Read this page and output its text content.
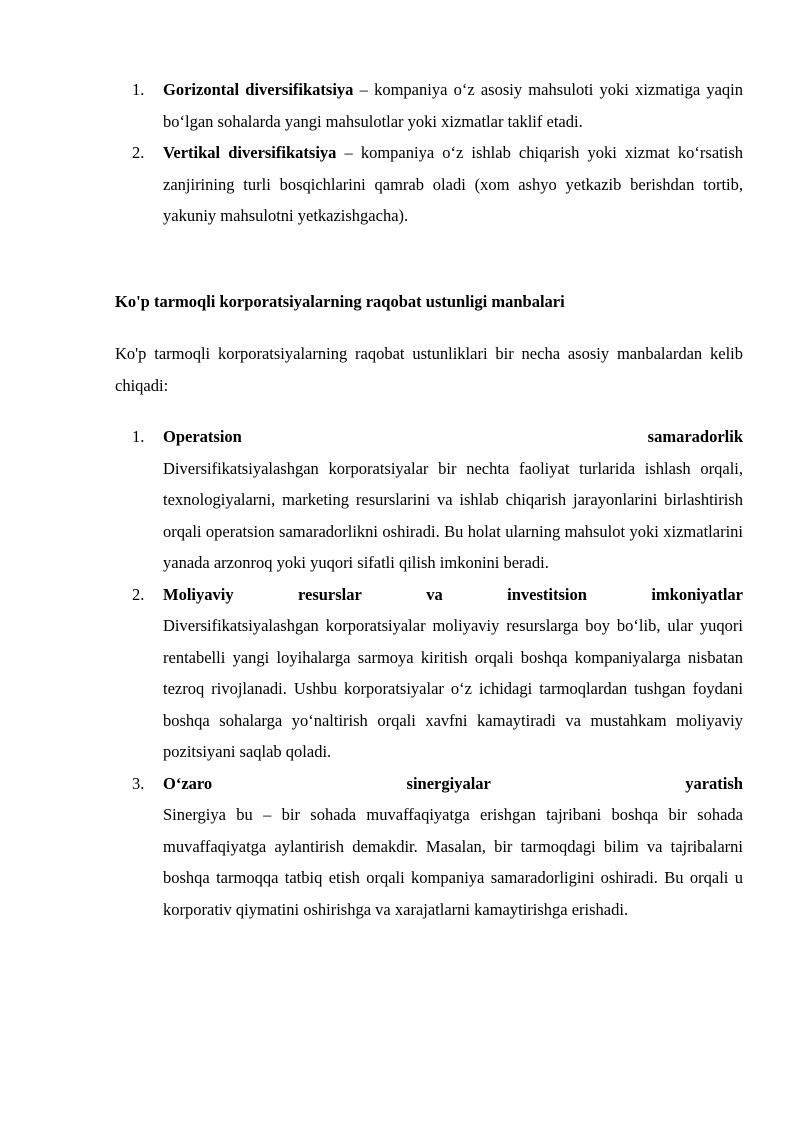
1.	Gorizontal diversifikatsiya – kompaniya o‘z asosiy mahsuloti yoki xizmatiga yaqin bo‘lgan sohalarda yangi mahsulotlar yoki xizmatlar taklif etadi.
2.	Vertikal diversifikatsiya – kompaniya o‘z ishlab chiqarish yoki xizmat ko‘rsatish zanjirining turli bosqichlarini qamrab oladi (xom ashyo yetkazib berishdan tortib, yakuniy mahsulotni yetkazishgacha).
Ko'p tarmoqli korporatsiyalarning raqobat ustunligi manbalari

Ko'p tarmoqli korporatsiyalarning raqobat ustunliklari bir necha asosiy manbalardan kelib chiqadi:

1.	Operatsion	samaradorlik
Diversifikatsiyalashgan korporatsiyalar bir nechta faoliyat turlarida ishlash orqali, texnologiyalarni, marketing resurslarini va ishlab chiqarish jarayonlarini birlashtirish orqali operatsion samaradorlikni oshiradi. Bu holat ularning mahsulot yoki xizmatlarini yanada arzonroq yoki yuqori sifatli qilish imkonini beradi.
2.	Moliyaviy	resurslar	va	investitsion	imkoniyatlar
Diversifikatsiyalashgan korporatsiyalar moliyaviy resurslarga boy bo‘lib, ular yuqori rentabelli yangi loyihalarga sarmoya kiritish orqali boshqa kompaniyalarga nisbatan tezroq rivojlanadi. Ushbu korporatsiyalar o‘z ichidagi tarmoqlardan tushgan foydani boshqa sohalarga yo‘naltirish orqali xavfni kamaytiradi va mustahkam moliyaviy pozitsiyani saqlab qoladi.
3.	O‘zaro	sinergiyalar	yaratish
Sinergiya bu – bir sohada muvaffaqiyatga erishgan tajribani boshqa bir sohada muvaffaqiyatga aylantirish demakdir. Masalan, bir tarmoqdagi bilim va tajribalarni boshqa tarmoqqa tatbiq etish orqali kompaniya samaradorligini oshiradi. Bu orqali u korporativ qiymatini oshirishga va xarajatlarni kamaytirishga erishadi.
